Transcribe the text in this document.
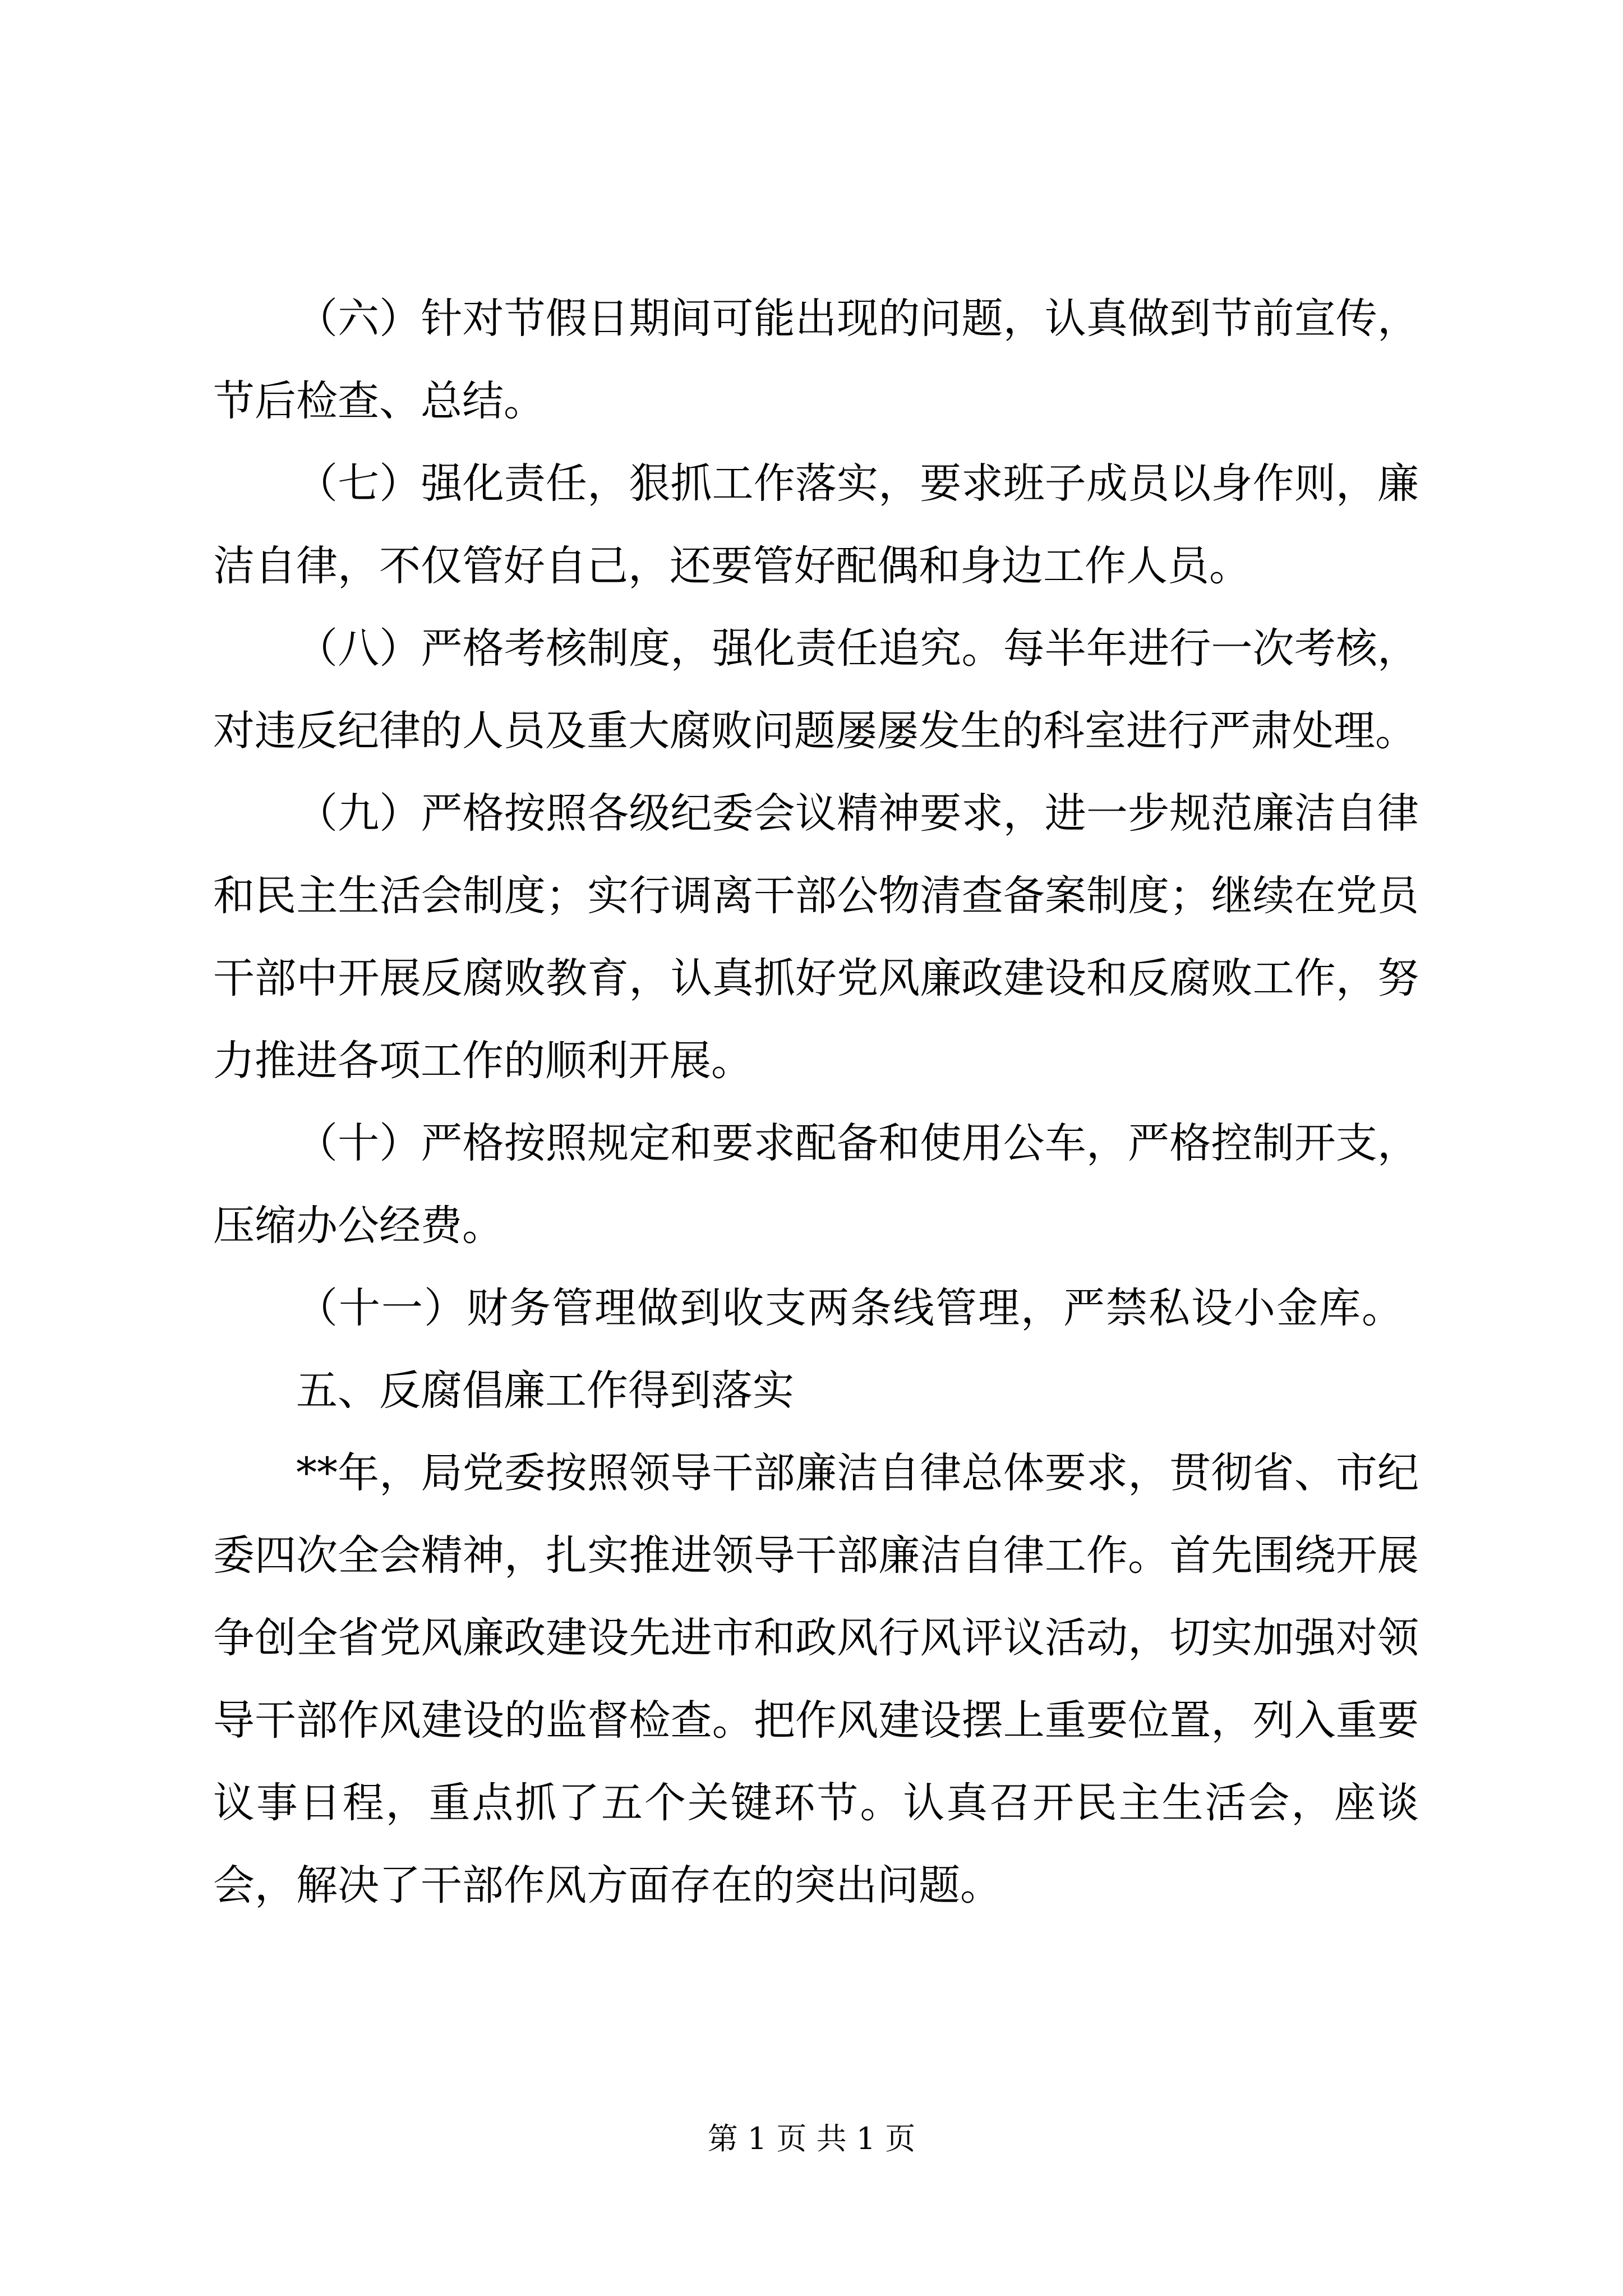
（六）针对节假日期间可能出现的问题，认真做到节前宣传，节后检查、总结。

（七）强化责任，狠抓工作落实，要求班子成员以身作则，廉洁自律，不仅管好自己，还要管好配偶和身边工作人员。

（八）严格考核制度，强化责任追究。每半年进行一次考核，对违反纪律的人员及重大腐败问题屡屡发生的科室进行严肃处理。

（九）严格按照各级纪委会议精神要求，进一步规范廉洁自律和民主生活会制度；实行调离干部公物清查备案制度；继续在党员干部中开展反腐败教育，认真抓好党风廉政建设和反腐败工作，努力推进各项工作的顺利开展。

（十）严格按照规定和要求配备和使用公车，严格控制开支，压缩办公经费。

（十一）财务管理做到收支两条线管理，严禁私设小金库。

五、反腐倡廉工作得到落实

**年，局党委按照领导干部廉洁自律总体要求，贯彻省、市纪委四次全会精神，扎实推进领导干部廉洁自律工作。首先围绕开展争创全省党风廉政建设先进市和政风行风评议活动，切实加强对领导干部作风建设的监督检查。把作风建设摆上重要位置，列入重要议事日程，重点抓了五个关键环节。认真召开民主生活会，座谈会，解决了干部作风方面存在的突出问题。

第 1 页 共 1 页
